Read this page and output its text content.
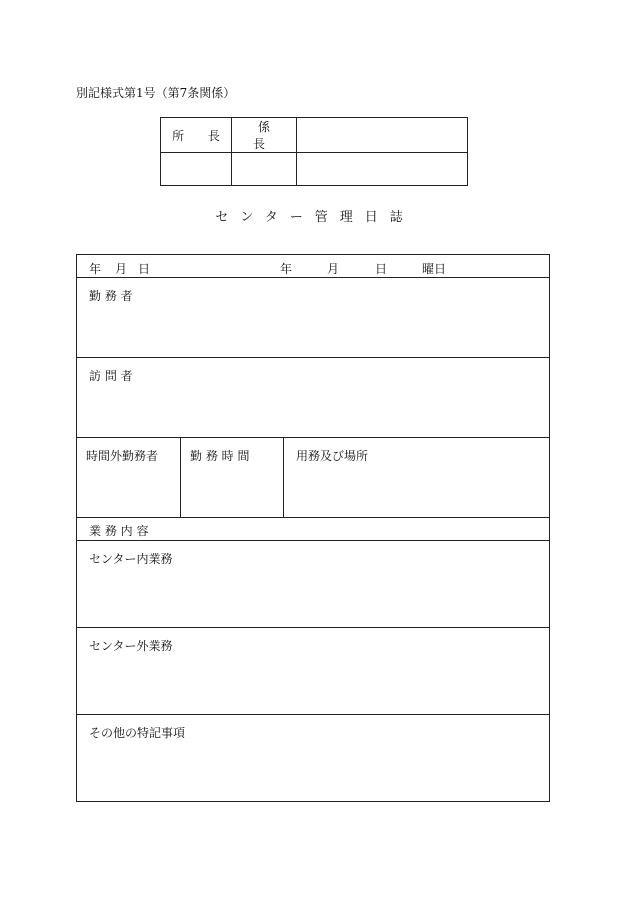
別記様式第1号（第7条関係）
所 長	係 長	

センター管理日誌
年 月 日	年	月	日	曜日
勤 務 者
訪 問 者
時間外勤務者	勤 務 時 間	用務及び場所
業 務 内 容
センター内業務
センター外業務
その他の特記事項
